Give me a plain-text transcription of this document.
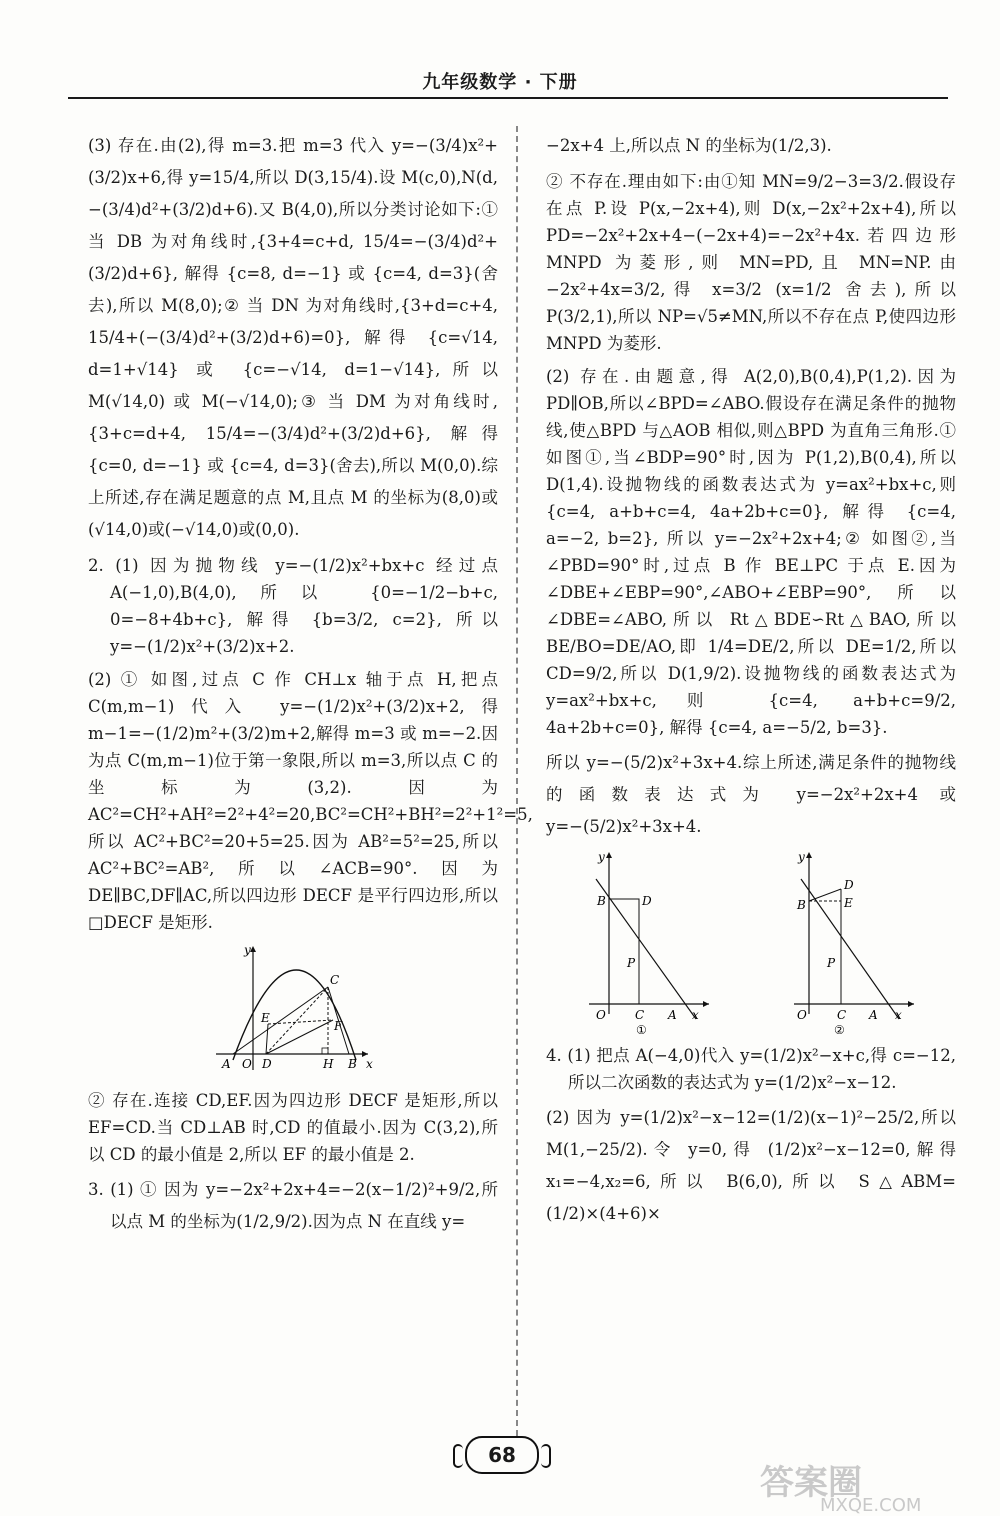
九年级数学 · 下册

(3) 存在.由(2),得 m=3.把 m=3 代入 y=−(3/4)x²+(3/2)x+6,得 y=15/4,所以 D(3,15/4).设 M(c,0),N(d,−(3/4)d²+(3/2)d+6).又 B(4,0),所以分类讨论如下:① 当 DB 为对角线时,{3+4=c+d, 15/4=−(3/4)d²+(3/2)d+6}, 解得 {c=8, d=−1} 或 {c=4, d=3}(舍去),所以 M(8,0);② 当 DN 为对角线时,{3+d=c+4, 15/4+(−(3/4)d²+(3/2)d+6)=0}, 解得 {c=√14, d=1+√14} 或 {c=−√14, d=1−√14},所以 M(√14,0) 或 M(−√14,0);③ 当 DM 为对角线时,{3+c=d+4, 15/4=−(3/4)d²+(3/2)d+6}, 解得 {c=0, d=−1} 或 {c=4, d=3}(舍去),所以 M(0,0).综上所述,存在满足题意的点 M,且点 M 的坐标为(8,0)或(√14,0)或(−√14,0)或(0,0).

2. (1) 因为抛物线 y=−(1/2)x²+bx+c 经过点 A(−1,0),B(4,0),所以 {0=−1/2−b+c, 0=−8+4b+c}, 解得 {b=3/2, c=2}, 所以 y=−(1/2)x²+(3/2)x+2.

(2) ① 如图,过点 C 作 CH⊥x 轴于点 H,把点 C(m,m−1)代入 y=−(1/2)x²+(3/2)x+2,得 m−1=−(1/2)m²+(3/2)m+2,解得 m=3 或 m=−2.因为点 C(m,m−1)位于第一象限,所以 m=3,所以点 C 的坐标为(3,2).因为 AC²=CH²+AH²=2²+4²=20,BC²=CH²+BH²=2²+1²=5,所以 AC²+BC²=20+5=25.因为 AB²=5²=25,所以 AC²+BC²=AB²,所以∠ACB=90°.因为 DE∥BC,DF∥AC,所以四边形 DECF 是平行四边形,所以□DECF 是矩形.

y
C
E
F
A O D	H B x

② 存在.连接 CD,EF.因为四边形 DECF 是矩形,所以 EF=CD.当 CD⊥AB 时,CD 的值最小.因为 C(3,2),所以 CD 的最小值是 2,所以 EF 的最小值是 2.

3. (1) ① 因为 y=−2x²+2x+4=−2(x−1/2)²+9/2,所以点 M 的坐标为(1/2,9/2).因为点 N 在直线 y=

−2x+4 上,所以点 N 的坐标为(1/2,3).

② 不存在.理由如下:由①知 MN=9/2−3=3/2.假设存在点 P.设 P(x,−2x+4),则 D(x,−2x²+2x+4),所以 PD=−2x²+2x+4−(−2x+4)=−2x²+4x.若四边形 MNPD 为菱形,则 MN=PD,且 MN=NP.由 −2x²+4x=3/2,得 x=3/2 (x=1/2 舍去),所以 P(3/2,1),所以 NP=√5≠MN,所以不存在点 P,使四边形 MNPD 为菱形.

(2) 存在.由题意,得 A(2,0),B(0,4),P(1,2).因为 PD∥OB,所以∠BPD=∠ABO.假设存在满足条件的抛物线,使△BPD 与△AOB 相似,则△BPD 为直角三角形.① 如图①,当∠BDP=90°时,因为 P(1,2),B(0,4),所以 D(1,4).设抛物线的函数表达式为 y=ax²+bx+c,则 {c=4, a+b+c=4, 4a+2b+c=0}, 解得 {c=4, a=−2, b=2}, 所以 y=−2x²+2x+4;② 如图②,当∠PBD=90°时,过点 B 作 BE⊥PC 于点 E.因为∠DBE+∠EBP=90°,∠ABO+∠EBP=90°,所以∠DBE=∠ABO,所以 Rt△BDE∽Rt△BAO,所以 BE/BO=DE/AO,即 1/4=DE/2,所以 DE=1/2,所以 CD=9/2,所以 D(1,9/2).设抛物线的函数表达式为 y=ax²+bx+c,则 {c=4, a+b+c=9/2, 4a+2b+c=0}, 解得 {c=4, a=−5/2, b=3}.

所以 y=−(5/2)x²+3x+4.综上所述,满足条件的抛物线的函数表达式为 y=−2x²+2x+4 或 y=−(5/2)x²+3x+4.

y
B	D
P
O C A x
①
y
D
B	E
P
O	C A x
②

4. (1) 把点 A(−4,0)代入 y=(1/2)x²−x+c,得 c=−12,所以二次函数的表达式为 y=(1/2)x²−x−12.

(2) 因为 y=(1/2)x²−x−12=(1/2)(x−1)²−25/2,所以 M(1,−25/2).令 y=0,得 (1/2)x²−x−12=0,解得 x₁=−4,x₂=6,所以 B(6,0),所以 S△ABM=(1/2)×(4+6)×

68
答案圈
MXQE.COM
